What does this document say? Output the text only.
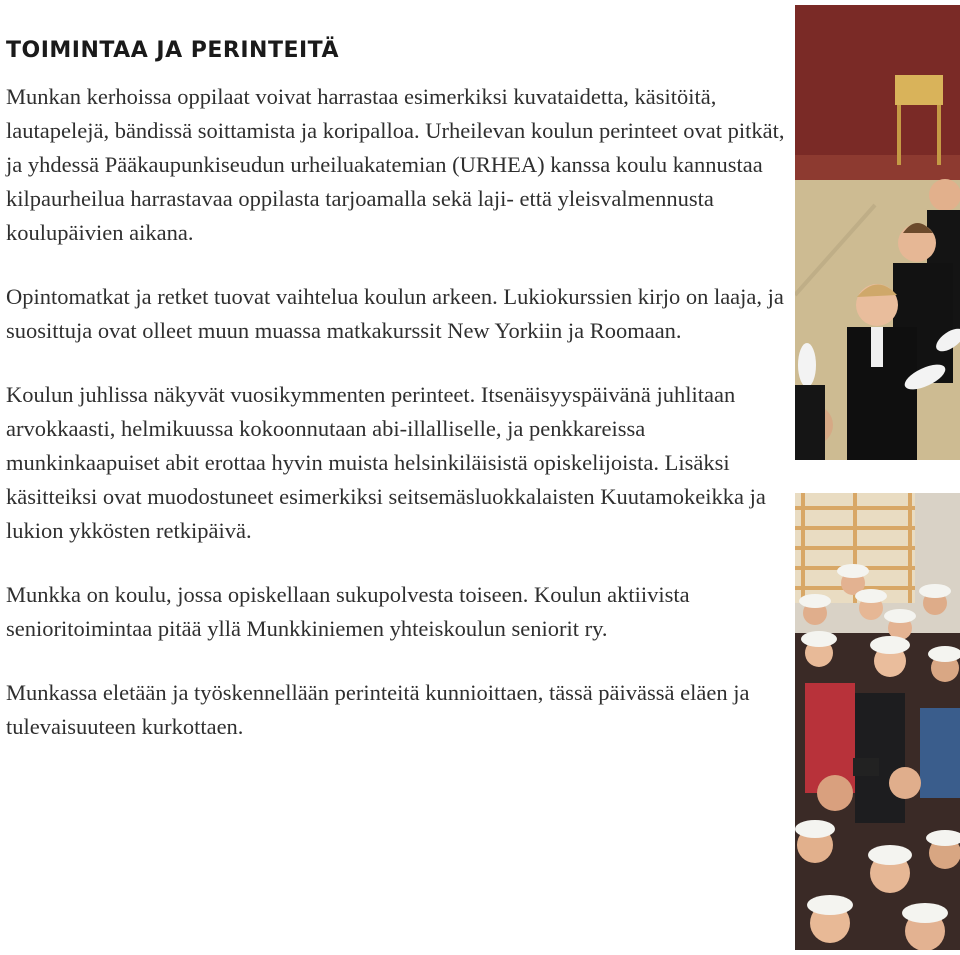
TOIMINTAA JA PERINTEITÄ

Munkan kerhoissa oppilaat voivat harrastaa esimerkiksi kuvataidetta, käsitöitä, lautapelejä, bändissä soittamista ja koripalloa. Urheilevan koulun perinteet ovat pitkät, ja yhdessä Pääkaupunkiseudun urheiluakatemian (URHEA) kanssa koulu kannustaa kilpaurheilua harrastavaa oppilasta tarjoamalla sekä laji- että yleisvalmennusta koulupäivien aikana.

Opintomatkat ja retket tuovat vaihtelua koulun arkeen. Lukiokurssien kirjo on laaja, ja suosittuja ovat olleet muun muassa matkakurssit New Yorkiin ja Roomaan.

Koulun juhlissa näkyvät vuosikymmenten perinteet. Itsenäisyyspäivänä juhlitaan arvokkaasti, helmikuussa kokoonnutaan abi-illalliselle, ja penkkareissa munkinkaapuiset abit erottaa hyvin muista helsinkiläisistä opiskelijoista. Lisäksi käsitteiksi ovat muodostuneet esimerkiksi seitsemäsluokkalaisten Kuutamokeikka ja lukion ykkösten retkipäivä.

Munkka on koulu, jossa opiskellaan sukupolvesta toiseen. Koulun aktiivista senioritoimintaa pitää yllä Munkkiniemen yhteiskoulun seniorit ry.

Munkassa eletään ja työskennellään perinteitä kunnioittaen, tässä päivässä eläen ja tulevaisuuteen kurkottaen.
